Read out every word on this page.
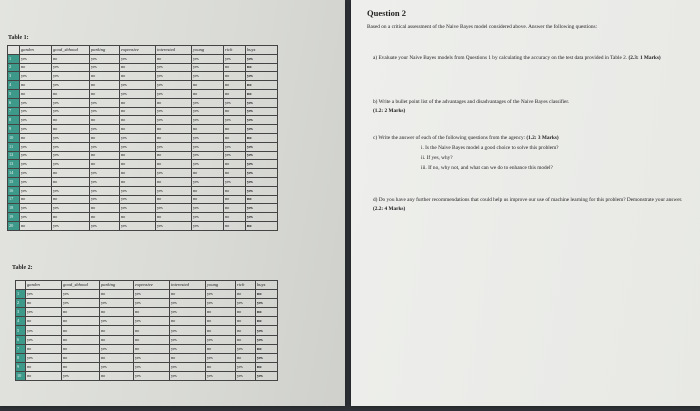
Table 1:
	garden	good_sbhood	parking	expensive	interested	young	rich	buys
1	yes	no	yes	yes	no	yes	yes	yes
2	no	yes	yes	no	yes	yes	no	no
3	yes	yes	no	no	yes	yes	no	yes
4	no	yes	no	yes	yes	no	no	no
5	no	no	no	yes	yes	no	no	no
6	yes	yes	yes	no	no	yes	yes	yes
7	yes	yes	yes	no	yes	yes	no	yes
8	yes	no	no	no	yes	yes	yes	yes
9	yes	no	yes	no	no	no	no	yes
10	no	yes	no	yes	no	yes	no	no
11	yes	yes	yes	yes	yes	yes	yes	yes
12	yes	yes	no	no	no	yes	yes	yes
13	yes	yes	no	no	no	yes	no	yes
14	yes	no	yes	no	yes	no	no	yes
15	yes	no	yes	no	no	yes	yes	yes
16	yes	yes	yes	yes	yes	no	no	yes
17	no	no	yes	yes	no	no	no	no
18	yes	yes	no	yes	yes	yes	no	yes
19	yes	no	no	no	no	yes	no	yes
20	no	yes	yes	yes	yes	yes	no	no
Table 2:
	garden	good_sbhood	parking	expensive	interested	young	rich	buys
1	yes	yes	no	yes	no	yes	no	no
2	no	yes	yes	yes	yes	yes	yes	yes
3	yes	no	no	no	yes	no	no	no
4	no	no	yes	yes	no	no	no	no
5	yes	no	no	no	yes	no	no	yes
6	yes	no	no	no	yes	yes	no	yes
7	no	no	yes	no	yes	no	yes	no
8	yes	no	no	yes	no	yes	no	yes
9	no	no	yes	yes	yes	no	yes	no
10	no	yes	no	yes	yes	yes	yes	yes
Question 2
Based on a critical assessment of the Naive Bayes model considered above. Answer the following questions:
a) Evaluate your Naive Bayes models from Questions 1 by calculating the accuracy on the test data provided in Table 2. (2.3: 1 Marks)
b) Write a bullet point list of the advantages and disadvantages of the Naive Bayes classifier.
(1.2: 2 Marks)
c) Write the answer of each of the following questions from the agency: (1.2: 3 Marks)
i. Is the Naive Bayes model a good choice to solve this problem?
ii. If yes, why?
iii. If no, why not, and what can we do to enhance this model?
d) Do you have any further recommendations that could help us improve our use of machine learning for this problem? Demonstrate your answer. (2.2: 4 Marks)
